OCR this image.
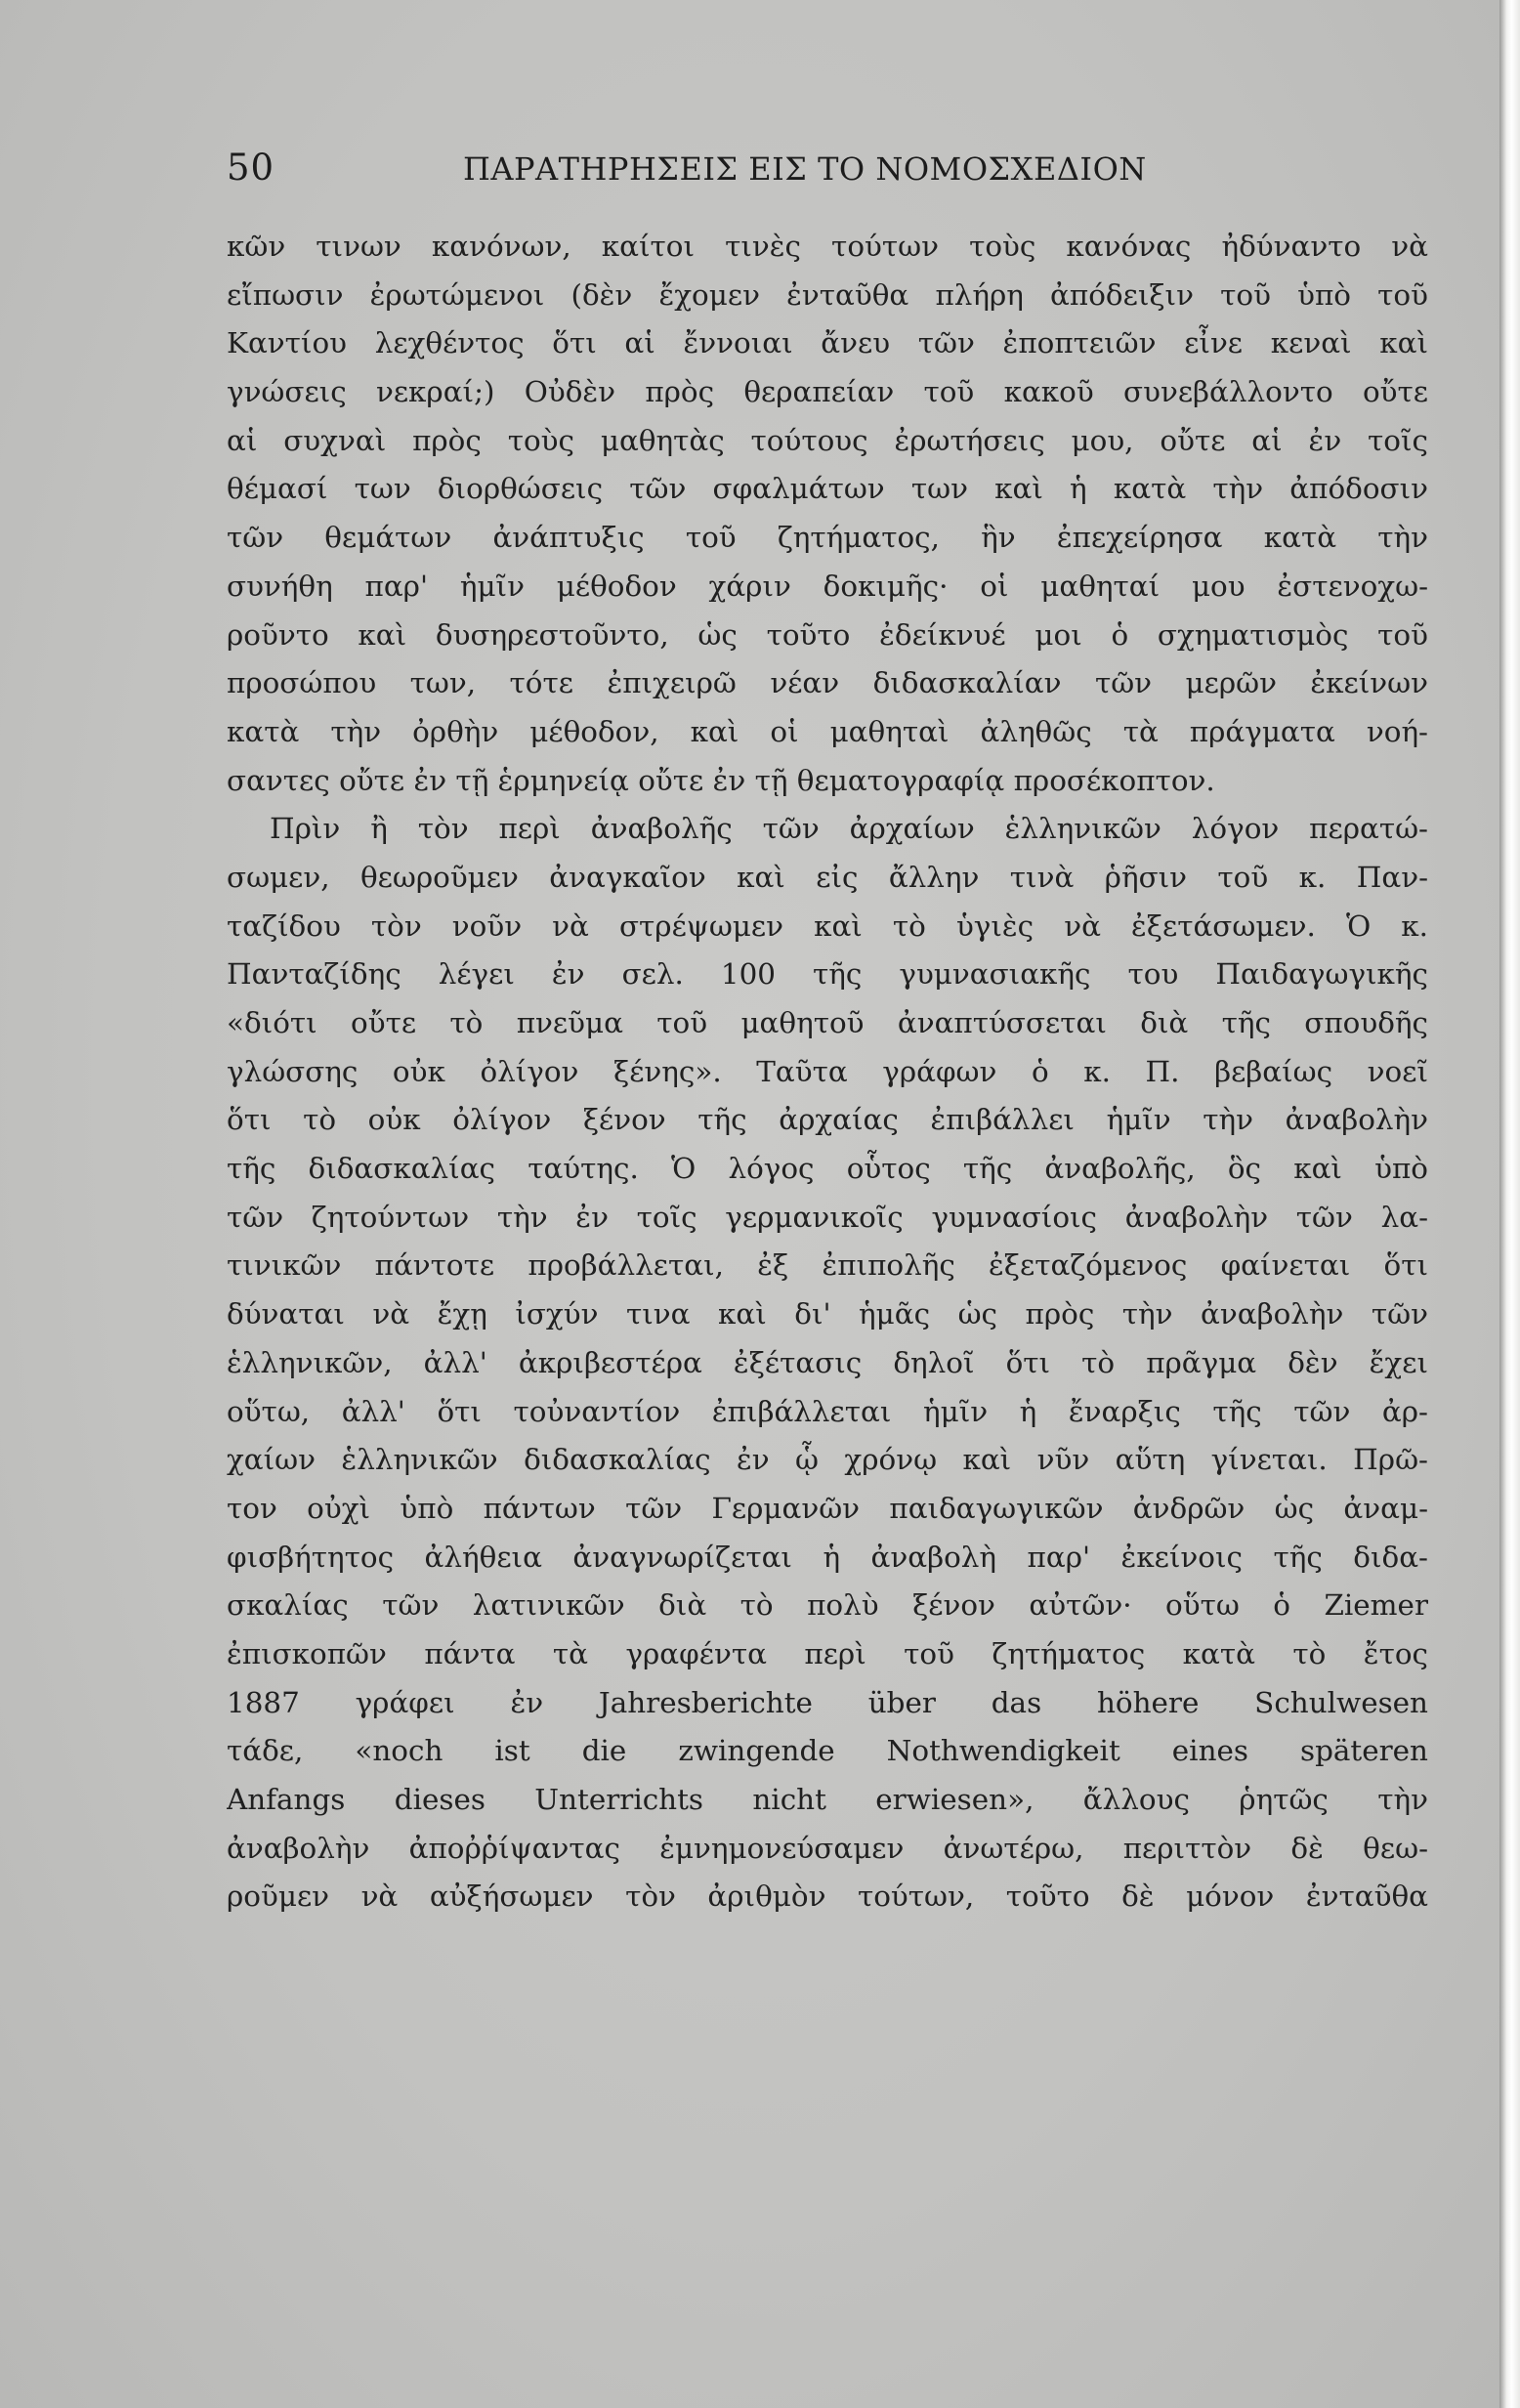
50	ΠΑΡΑΤΗΡΗΣΕΙΣ ΕΙΣ ΤΟ ΝΟΜΟΣΧΕΔΙΟΝ
κῶν τινων κανόνων, καίτοι τινὲς τούτων τοὺς κανόνας ἠδύναντο νὰ
εἴπωσιν ἐρωτώμενοι (δὲν ἔχομεν ἐνταῦθα πλήρη ἀπόδειξιν τοῦ ὑπὸ τοῦ
Καντίου λεχθέντος ὅτι αἱ ἔννοιαι ἄνευ τῶν ἐποπτειῶν εἶνε κεναὶ καὶ
γνώσεις νεκραί;) Οὐδὲν πρὸς θεραπείαν τοῦ κακοῦ συνεβάλλοντο οὔτε
αἱ συχναὶ πρὸς τοὺς μαθητὰς τούτους ἐρωτήσεις μου, οὔτε αἱ ἐν τοῖς
θέμασί των διορθώσεις τῶν σφαλμάτων των καὶ ἡ κατὰ τὴν ἀπόδοσιν
τῶν θεμάτων ἀνάπτυξις τοῦ ζητήματος, ἣν ἐπεχείρησα κατὰ τὴν
συνήθη παρ' ἡμῖν μέθοδον χάριν δοκιμῆς· οἱ μαθηταί μου ἐστενοχω-
ροῦντο καὶ δυσηρεστοῦντο, ὡς τοῦτο ἐδείκνυέ μοι ὁ σχηματισμὸς τοῦ
προσώπου των, τότε ἐπιχειρῶ νέαν διδασκαλίαν τῶν μερῶν ἐκείνων
κατὰ τὴν ὀρθὴν μέθοδον, καὶ οἱ μαθηταὶ ἀληθῶς τὰ πράγματα νοή-
σαντες οὔτε ἐν τῇ ἑρμηνείᾳ οὔτε ἐν τῇ θεματογραφίᾳ προσέκοπτον.
Πρὶν ἢ τὸν περὶ ἀναβολῆς τῶν ἀρχαίων ἑλληνικῶν λόγον περατώ-
σωμεν, θεωροῦμεν ἀναγκαῖον καὶ εἰς ἄλλην τινὰ ῥῆσιν τοῦ κ. Παν-
ταζίδου τὸν νοῦν νὰ στρέψωμεν καὶ τὸ ὑγιὲς νὰ ἐξετάσωμεν. Ὁ κ.
Πανταζίδης λέγει ἐν σελ. 100 τῆς γυμνασιακῆς του Παιδαγωγικῆς
«διότι οὔτε τὸ πνεῦμα τοῦ μαθητοῦ ἀναπτύσσεται διὰ τῆς σπουδῆς
γλώσσης οὐκ ὀλίγον ξένης». Ταῦτα γράφων ὁ κ. Π. βεβαίως νοεῖ
ὅτι τὸ οὐκ ὀλίγον ξένον τῆς ἀρχαίας ἐπιβάλλει ἡμῖν τὴν ἀναβολὴν
τῆς διδασκαλίας ταύτης. Ὁ λόγος οὗτος τῆς ἀναβολῆς, ὃς καὶ ὑπὸ
τῶν ζητούντων τὴν ἐν τοῖς γερμανικοῖς γυμνασίοις ἀναβολὴν τῶν λα-
τινικῶν πάντοτε προβάλλεται, ἐξ ἐπιπολῆς ἐξεταζόμενος φαίνεται ὅτι
δύναται νὰ ἔχῃ ἰσχύν τινα καὶ δι' ἡμᾶς ὡς πρὸς τὴν ἀναβολὴν τῶν
ἑλληνικῶν, ἀλλ' ἀκριβεστέρα ἐξέτασις δηλοῖ ὅτι τὸ πρᾶγμα δὲν ἔχει
οὕτω, ἀλλ' ὅτι τοὐναντίον ἐπιβάλλεται ἡμῖν ἡ ἔναρξις τῆς τῶν ἀρ-
χαίων ἑλληνικῶν διδασκαλίας ἐν ᾧ χρόνῳ καὶ νῦν αὕτη γίνεται. Πρῶ-
τον οὐχὶ ὑπὸ πάντων τῶν Γερμανῶν παιδαγωγικῶν ἀνδρῶν ὡς ἀναμ-
φισβήτητος ἀλήθεια ἀναγνωρίζεται ἡ ἀναβολὴ παρ' ἐκείνοις τῆς διδα-
σκαλίας τῶν λατινικῶν διὰ τὸ πολὺ ξένον αὐτῶν· οὕτω ὁ Ziemer
ἐπισκοπῶν πάντα τὰ γραφέντα περὶ τοῦ ζητήματος κατὰ τὸ ἔτος
1887 γράφει ἐν Jahresberichte über das höhere Schulwesen
τάδε, «noch ist die zwingende Nothwendigkeit eines späteren
Anfangs dieses Unterrichts nicht erwiesen», ἄλλους ῥητῶς τὴν
ἀναβολὴν ἀποῤῥίψαντας ἐμνημονεύσαμεν ἀνωτέρω, περιττὸν δὲ θεω-
ροῦμεν νὰ αὐξήσωμεν τὸν ἀριθμὸν τούτων, τοῦτο δὲ μόνον ἐνταῦθα
